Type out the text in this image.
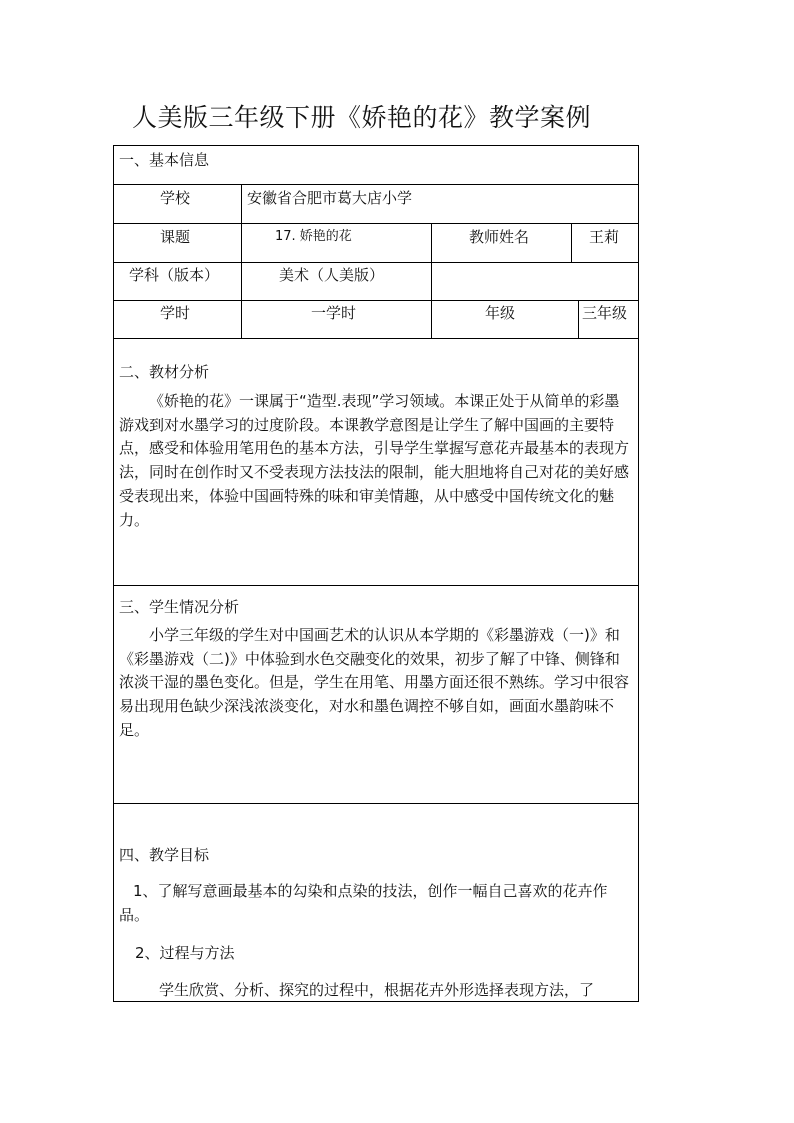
人美版三年级下册《娇艳的花》教学案例
一、基本信息
学校	安徽省合肥市葛大店小学
课题	17. 娇艳的花	教师姓名	王莉
学科（版本）	美术（人美版）
学时	一学时	年级	三年级
二、教材分析
《娇艳的花》一课属于“造型.表现”学习领域。本课正处于从简单的彩墨游戏到对水墨学习的过度阶段。本课教学意图是让学生了解中国画的主要特点，感受和体验用笔用色的基本方法，引导学生掌握写意花卉最基本的表现方法，同时在创作时又不受表现方法技法的限制，能大胆地将自己对花的美好感受表现出来，体验中国画特殊的味和审美情趣，从中感受中国传统文化的魅力。
三、学生情况分析
小学三年级的学生对中国画艺术的认识从本学期的《彩墨游戏（一)》和《彩墨游戏（二)》中体验到水色交融变化的效果，初步了解了中锋、侧锋和浓淡干湿的墨色变化。但是，学生在用笔、用墨方面还很不熟练。学习中很容易出现用色缺少深浅浓淡变化，对水和墨色调控不够自如，画面水墨韵味不足。
四、教学目标
1、了解写意画最基本的勾染和点染的技法，创作一幅自己喜欢的花卉作品。
2、过程与方法
学生欣赏、分析、探究的过程中，根据花卉外形选择表现方法，了
